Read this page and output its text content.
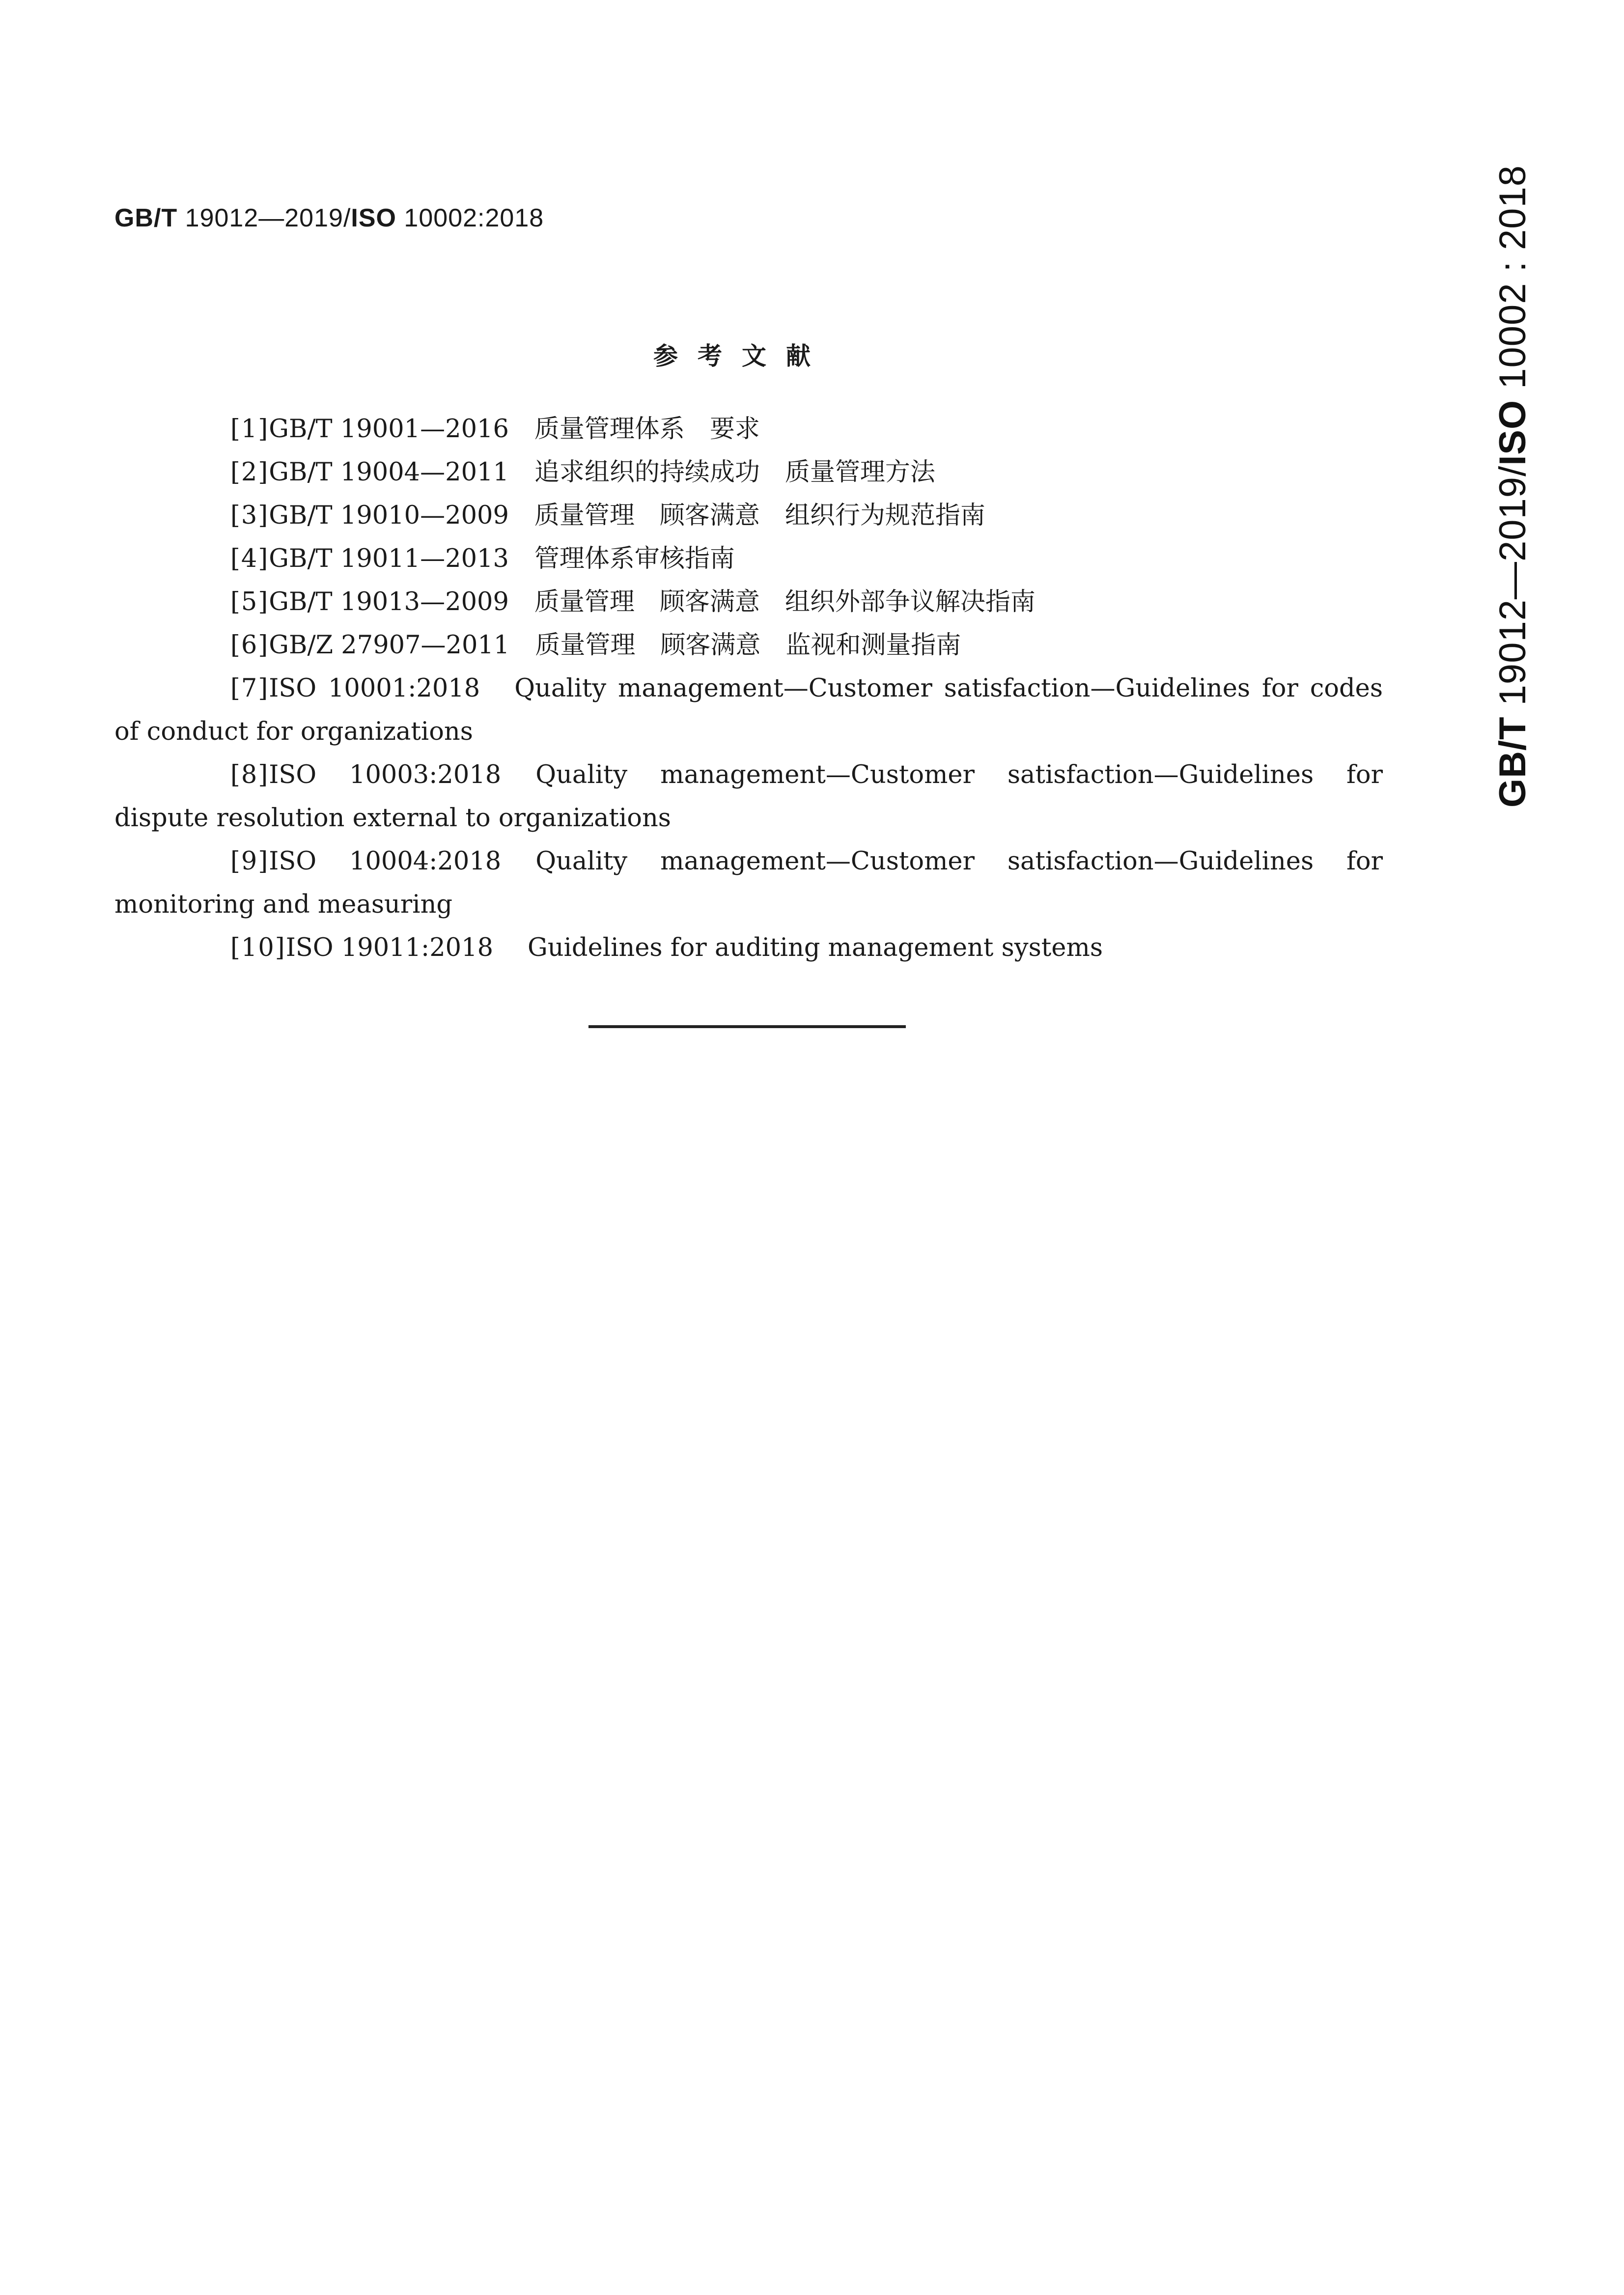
GB/T 19012—2019/ISO 10002:2018
GB/T 19012—2019/ISO 10002 : 2018
参考文献
[1]GB/T 19001—2016 质量管理体系　要求
[2]GB/T 19004—2011 追求组织的持续成功　质量管理方法
[3]GB/T 19010—2009 质量管理　顾客满意　组织行为规范指南
[4]GB/T 19011—2013 管理体系审核指南
[5]GB/T 19013—2009 质量管理　顾客满意　组织外部争议解决指南
[6]GB/Z 27907—2011 质量管理　顾客满意　监视和测量指南
[7]ISO 10001:2018 Quality management—Customer satisfaction—Guidelines for codes of conduct for organizations
[8]ISO 10003:2018 Quality management—Customer satisfaction—Guidelines for dispute resolution external to organizations
[9]ISO 10004:2018 Quality management—Customer satisfaction—Guidelines for monitoring and measuring
[10]ISO 19011:2018 Guidelines for auditing management systems
